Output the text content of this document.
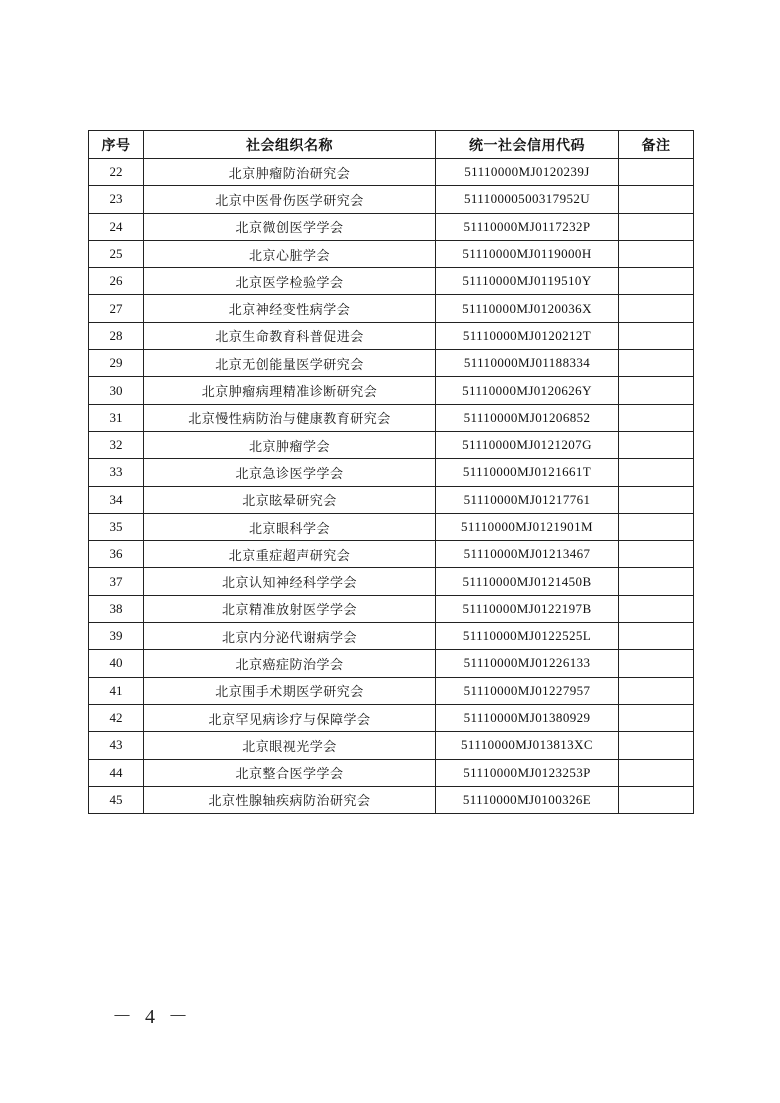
序号	社会组织名称	统一社会信用代码	备注
22	北京肿瘤防治研究会	51110000MJ0120239J	
23	北京中医骨伤医学研究会	51110000500317952U	
24	北京微创医学学会	51110000MJ0117232P	
25	北京心脏学会	51110000MJ0119000H	
26	北京医学检验学会	51110000MJ0119510Y	
27	北京神经变性病学会	51110000MJ0120036X	
28	北京生命教育科普促进会	51110000MJ0120212T	
29	北京无创能量医学研究会	51110000MJ01188334	
30	北京肿瘤病理精准诊断研究会	51110000MJ0120626Y	
31	北京慢性病防治与健康教育研究会	51110000MJ01206852	
32	北京肿瘤学会	51110000MJ0121207G	
33	北京急诊医学学会	51110000MJ0121661T	
34	北京眩晕研究会	51110000MJ01217761	
35	北京眼科学会	51110000MJ0121901M	
36	北京重症超声研究会	51110000MJ01213467	
37	北京认知神经科学学会	51110000MJ0121450B	
38	北京精准放射医学学会	51110000MJ0122197B	
39	北京内分泌代谢病学会	51110000MJ0122525L	
40	北京癌症防治学会	51110000MJ01226133	
41	北京围手术期医学研究会	51110000MJ01227957	
42	北京罕见病诊疗与保障学会	51110000MJ01380929	
43	北京眼视光学会	51110000MJ013813XC	
44	北京整合医学学会	51110000MJ0123253P	
45	北京性腺轴疾病防治研究会	51110000MJ0100326E	
－ 4 －
